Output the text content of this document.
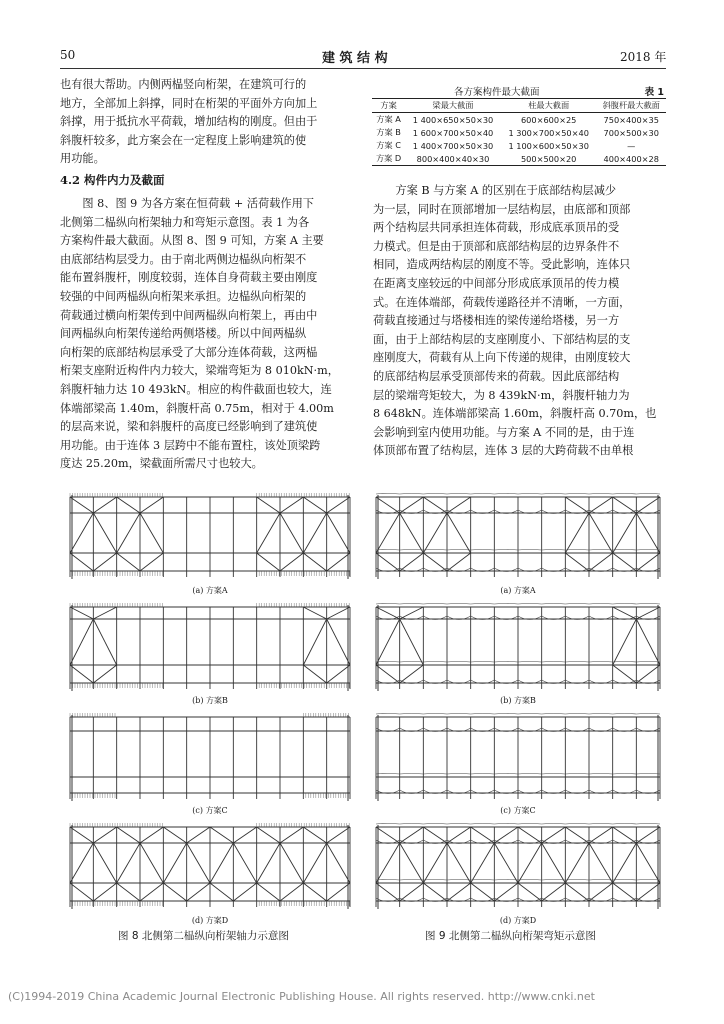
50	建 筑 结 构	2018 年
也有很大帮助。内侧两榀竖向桁架，在建筑可行的
地方，全部加上斜撑，同时在桁架的平面外方向加上
斜撑，用于抵抗水平荷载，增加结构的刚度。但由于
斜腹杆较多，此方案会在一定程度上影响建筑的使
用功能。
4.2 构件内力及截面
图 8、图 9 为各方案在恒荷载 + 活荷载作用下
北侧第二榀纵向桁架轴力和弯矩示意图。表 1 为各
方案构件最大截面。从图 8、图 9 可知，方案 A 主要
由底部结构层受力。由于南北两侧边榀纵向桁架不
能布置斜腹杆，刚度较弱，连体自身荷载主要由刚度
较强的中间两榀纵向桁架来承担。边榀纵向桁架的
荷载通过横向桁架传到中间两榀纵向桁架上，再由中
间两榀纵向桁架传递给两侧塔楼。所以中间两榀纵
向桁架的底部结构层承受了大部分连体荷载，这两榀
桁架支座附近构件内力较大，梁端弯矩为 8 010kN·m，
斜腹杆轴力达 10 493kN。相应的构件截面也较大，连
体端部梁高 1.40m，斜腹杆高 0.75m，相对于 4.00m
的层高来说，梁和斜腹杆的高度已经影响到了建筑使
用功能。由于连体 3 层跨中不能布置柱，该处顶梁跨
度达 25.20m，梁截面所需尺寸也较大。
各方案构件最大截面	表 1
方案	梁最大截面	柱最大截面	斜腹杆最大截面
方案 A	1 400×650×50×30	600×600×25	750×400×35
方案 B	1 600×700×50×40	1 300×700×50×40	700×500×30
方案 C	1 400×700×50×30	1 100×600×50×30	—
方案 D	800×400×40×30	500×500×20	400×400×28
方案 B 与方案 A 的区别在于底部结构层减少
为一层，同时在顶部增加一层结构层，由底部和顶部
两个结构层共同承担连体荷载，形成底承顶吊的受
力模式。但是由于顶部和底部结构层的边界条件不
相同，造成两结构层的刚度不等。受此影响，连体只
在距离支座较远的中间部分形成底承顶吊的传力模
式。在连体端部，荷载传递路径并不清晰，一方面，
荷载直接通过与塔楼相连的梁传递给塔楼，另一方
面，由于上部结构层的支座刚度小、下部结构层的支
座刚度大，荷载有从上向下传递的规律，由刚度较大
的底部结构层承受顶部传来的荷载。因此底部结构
层的梁端弯矩较大，为 8 439kN·m，斜腹杆轴力为
8 648kN。连体端部梁高 1.60m，斜腹杆高 0.70m，也
会影响到室内使用功能。与方案 A 不同的是，由于连
体顶部布置了结构层，连体 3 层的大跨荷载不由单根
(a) 方案A
(b) 方案B
(c) 方案C
(d) 方案D
图 8 北侧第二榀纵向桁架轴力示意图
(a) 方案A
(b) 方案B
(c) 方案C
(d) 方案D
图 9 北侧第二榀纵向桁架弯矩示意图
(C)1994-2019 China Academic Journal Electronic Publishing House. All rights reserved. http://www.cnki.net
